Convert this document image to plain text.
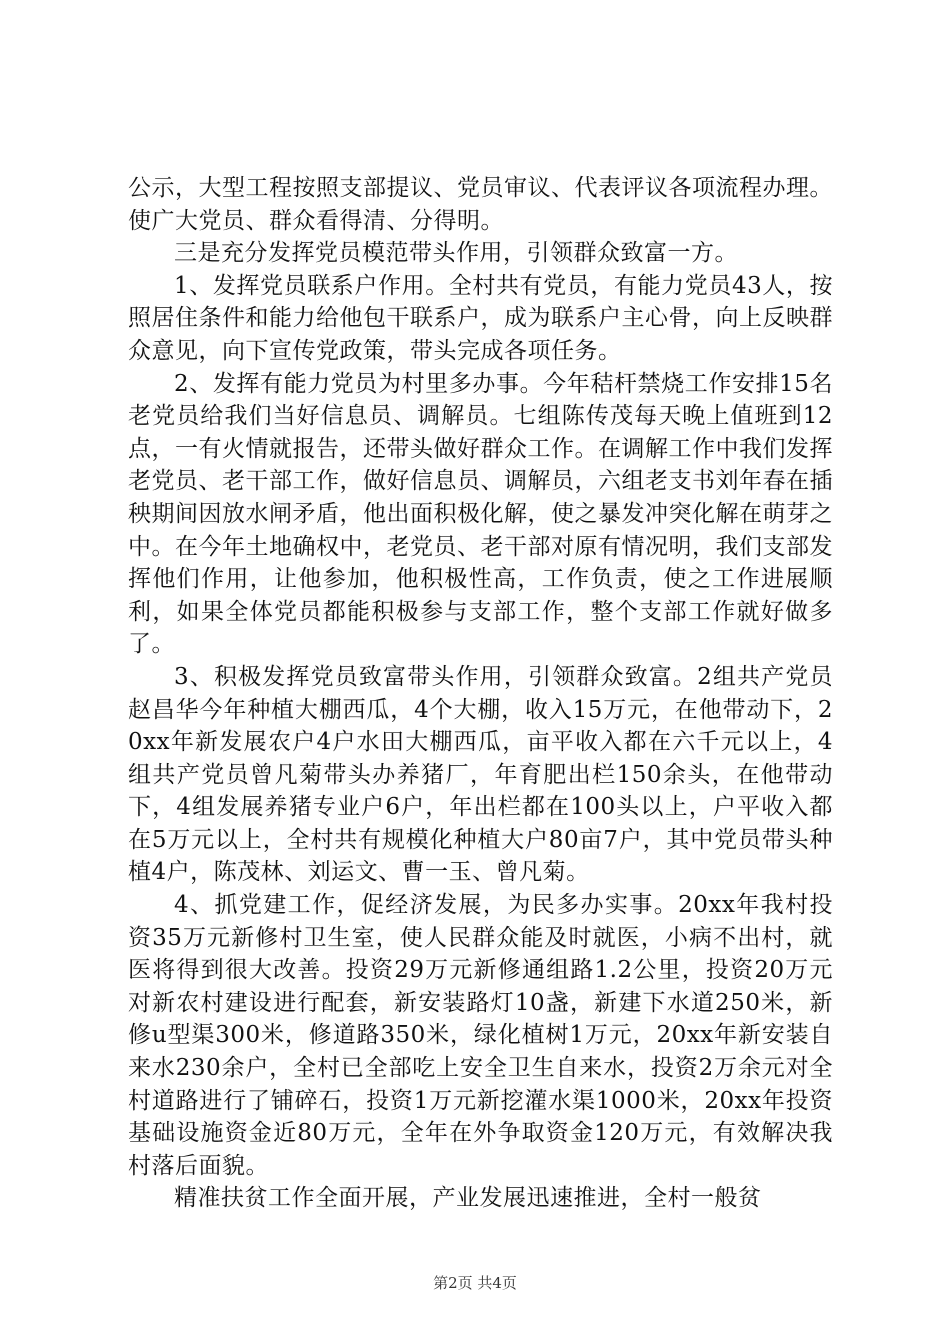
公示，大型工程按照支部提议、党员审议、代表评议各项流程办理。使广大党员、群众看得清、分得明。

三是充分发挥党员模范带头作用，引领群众致富一方。

1、发挥党员联系户作用。全村共有党员，有能力党员43人，按照居住条件和能力给他包干联系户，成为联系户主心骨，向上反映群众意见，向下宣传党政策，带头完成各项任务。

2、发挥有能力党员为村里多办事。今年秸杆禁烧工作安排15名老党员给我们当好信息员、调解员。七组陈传茂每天晚上值班到12点，一有火情就报告，还带头做好群众工作。在调解工作中我们发挥老党员、老干部工作，做好信息员、调解员，六组老支书刘年春在插秧期间因放水闸矛盾，他出面积极化解，使之暴发冲突化解在萌芽之中。在今年土地确权中，老党员、老干部对原有情况明，我们支部发挥他们作用，让他参加，他积极性高，工作负责，使之工作进展顺利，如果全体党员都能积极参与支部工作，整个支部工作就好做多了。

3、积极发挥党员致富带头作用，引领群众致富。2组共产党员赵昌华今年种植大棚西瓜，4个大棚，收入15万元，在他带动下，20xx年新发展农户4户水田大棚西瓜，亩平收入都在六千元以上，4组共产党员曾凡菊带头办养猪厂，年育肥出栏150余头，在他带动下，4组发展养猪专业户6户，年出栏都在100头以上，户平收入都在5万元以上，全村共有规模化种植大户80亩7户，其中党员带头种植4户，陈茂林、刘运文、曹一玉、曾凡菊。

4、抓党建工作，促经济发展，为民多办实事。20xx年我村投资35万元新修村卫生室，使人民群众能及时就医，小病不出村，就医将得到很大改善。投资29万元新修通组路1.2公里，投资20万元对新农村建设进行配套，新安装路灯10盏，新建下水道250米，新修u型渠300米，修道路350米，绿化植树1万元，20xx年新安装自来水230余户，全村已全部吃上安全卫生自来水，投资2万余元对全村道路进行了铺碎石，投资1万元新挖灌水渠1000米，20xx年投资基础设施资金近80万元，全年在外争取资金120万元，有效解决我村落后面貌。

精准扶贫工作全面开展，产业发展迅速推进，全村一般贫

第2页 共4页
